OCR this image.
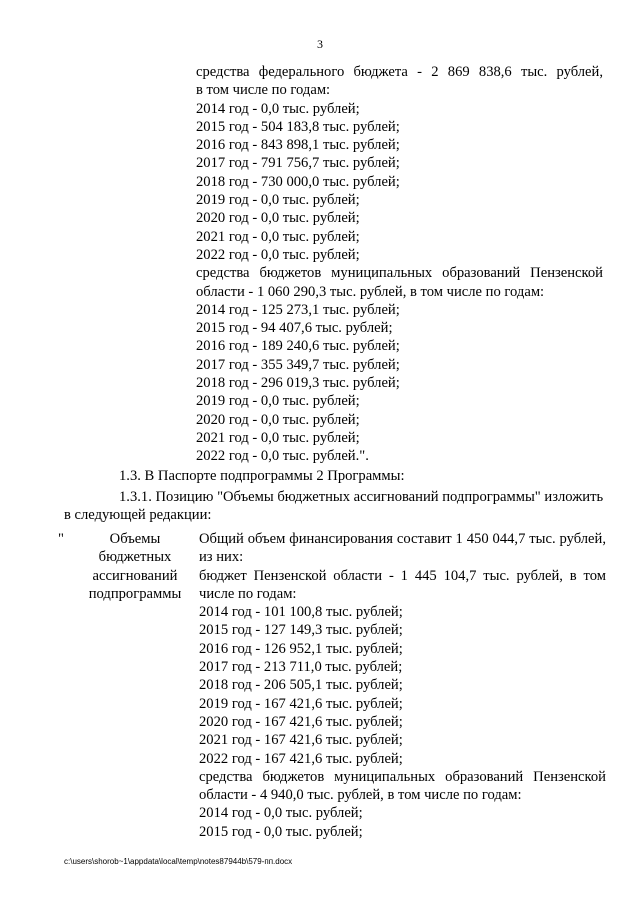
3
средства федерального бюджета - 2 869 838,6 тыс. рублей,
в том числе по годам:
2014 год - 0,0 тыс. рублей;
2015 год - 504 183,8 тыс. рублей;
2016 год - 843 898,1 тыс. рублей;
2017 год - 791 756,7 тыс. рублей;
2018 год - 730 000,0 тыс. рублей;
2019 год - 0,0 тыс. рублей;
2020 год - 0,0 тыс. рублей;
2021 год - 0,0 тыс. рублей;
2022 год - 0,0 тыс. рублей;
средства бюджетов муниципальных образований Пензенской
области - 1 060 290,3 тыс. рублей, в том числе по годам:
2014 год - 125 273,1 тыс. рублей;
2015 год - 94 407,6 тыс. рублей;
2016 год - 189 240,6 тыс. рублей;
2017 год - 355 349,7 тыс. рублей;
2018 год - 296 019,3 тыс. рублей;
2019 год - 0,0 тыс. рублей;
2020 год - 0,0 тыс. рублей;
2021 год - 0,0 тыс. рублей;
2022 год - 0,0 тыс. рублей.".
1.3. В Паспорте подпрограммы 2 Программы:
1.3.1. Позицию "Объемы бюджетных ассигнований подпрограммы" изложить
в следующей редакции:
"	Объемы
бюджетных
ассигнований
подпрограммы
Общий объем финансирования составит 1 450 044,7 тыс. рублей,
из них:
бюджет Пензенской области - 1 445 104,7 тыс. рублей, в том
числе по годам:
2014 год - 101 100,8 тыс. рублей;
2015 год - 127 149,3 тыс. рублей;
2016 год - 126 952,1 тыс. рублей;
2017 год - 213 711,0 тыс. рублей;
2018 год - 206 505,1 тыс. рублей;
2019 год - 167 421,6 тыс. рублей;
2020 год - 167 421,6 тыс. рублей;
2021 год - 167 421,6 тыс. рублей;
2022 год - 167 421,6 тыс. рублей;
средства бюджетов муниципальных образований Пензенской
области - 4 940,0 тыс. рублей, в том числе по годам:
2014 год - 0,0 тыс. рублей;
2015 год - 0,0 тыс. рублей;
c:\users\shorob~1\appdata\local\temp\notes87944b\579-пп.docx
